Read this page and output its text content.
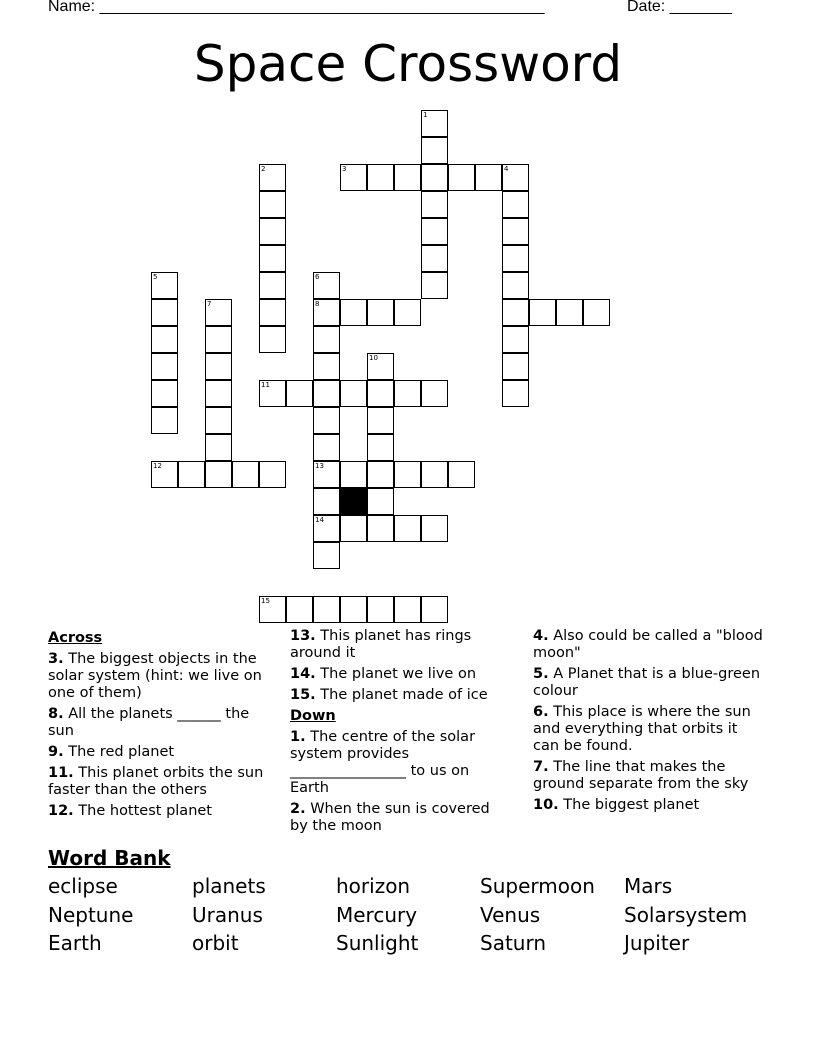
Name: __________________________________________________	Date: _______
Space Crossword
1
3	4
2
5	6
8
13
14
7
10
11
12
15
Across
3. The biggest objects in the solar system (hint: we live on one of them)
8. All the planets ______ the sun
9. The red planet
11. This planet orbits the sun faster than the others
12. The hottest planet
13. This planet has rings around it
14. The planet we live on
15. The planet made of ice
Down
1. The centre of the solar system provides ________________ to us on Earth
2. When the sun is covered by the moon
4. Also could be called a "blood moon"
5. A Planet that is a blue-green colour
6. This place is where the sun and everything that orbits it can be found.
7. The line that makes the ground separate from the sky
10. The biggest planet
Word Bank
eclipse	planets	horizon	Supermoon	Mars
Neptune	Uranus	Mercury	Venus	Solarsystem
Earth	orbit	Sunlight	Saturn	Jupiter
